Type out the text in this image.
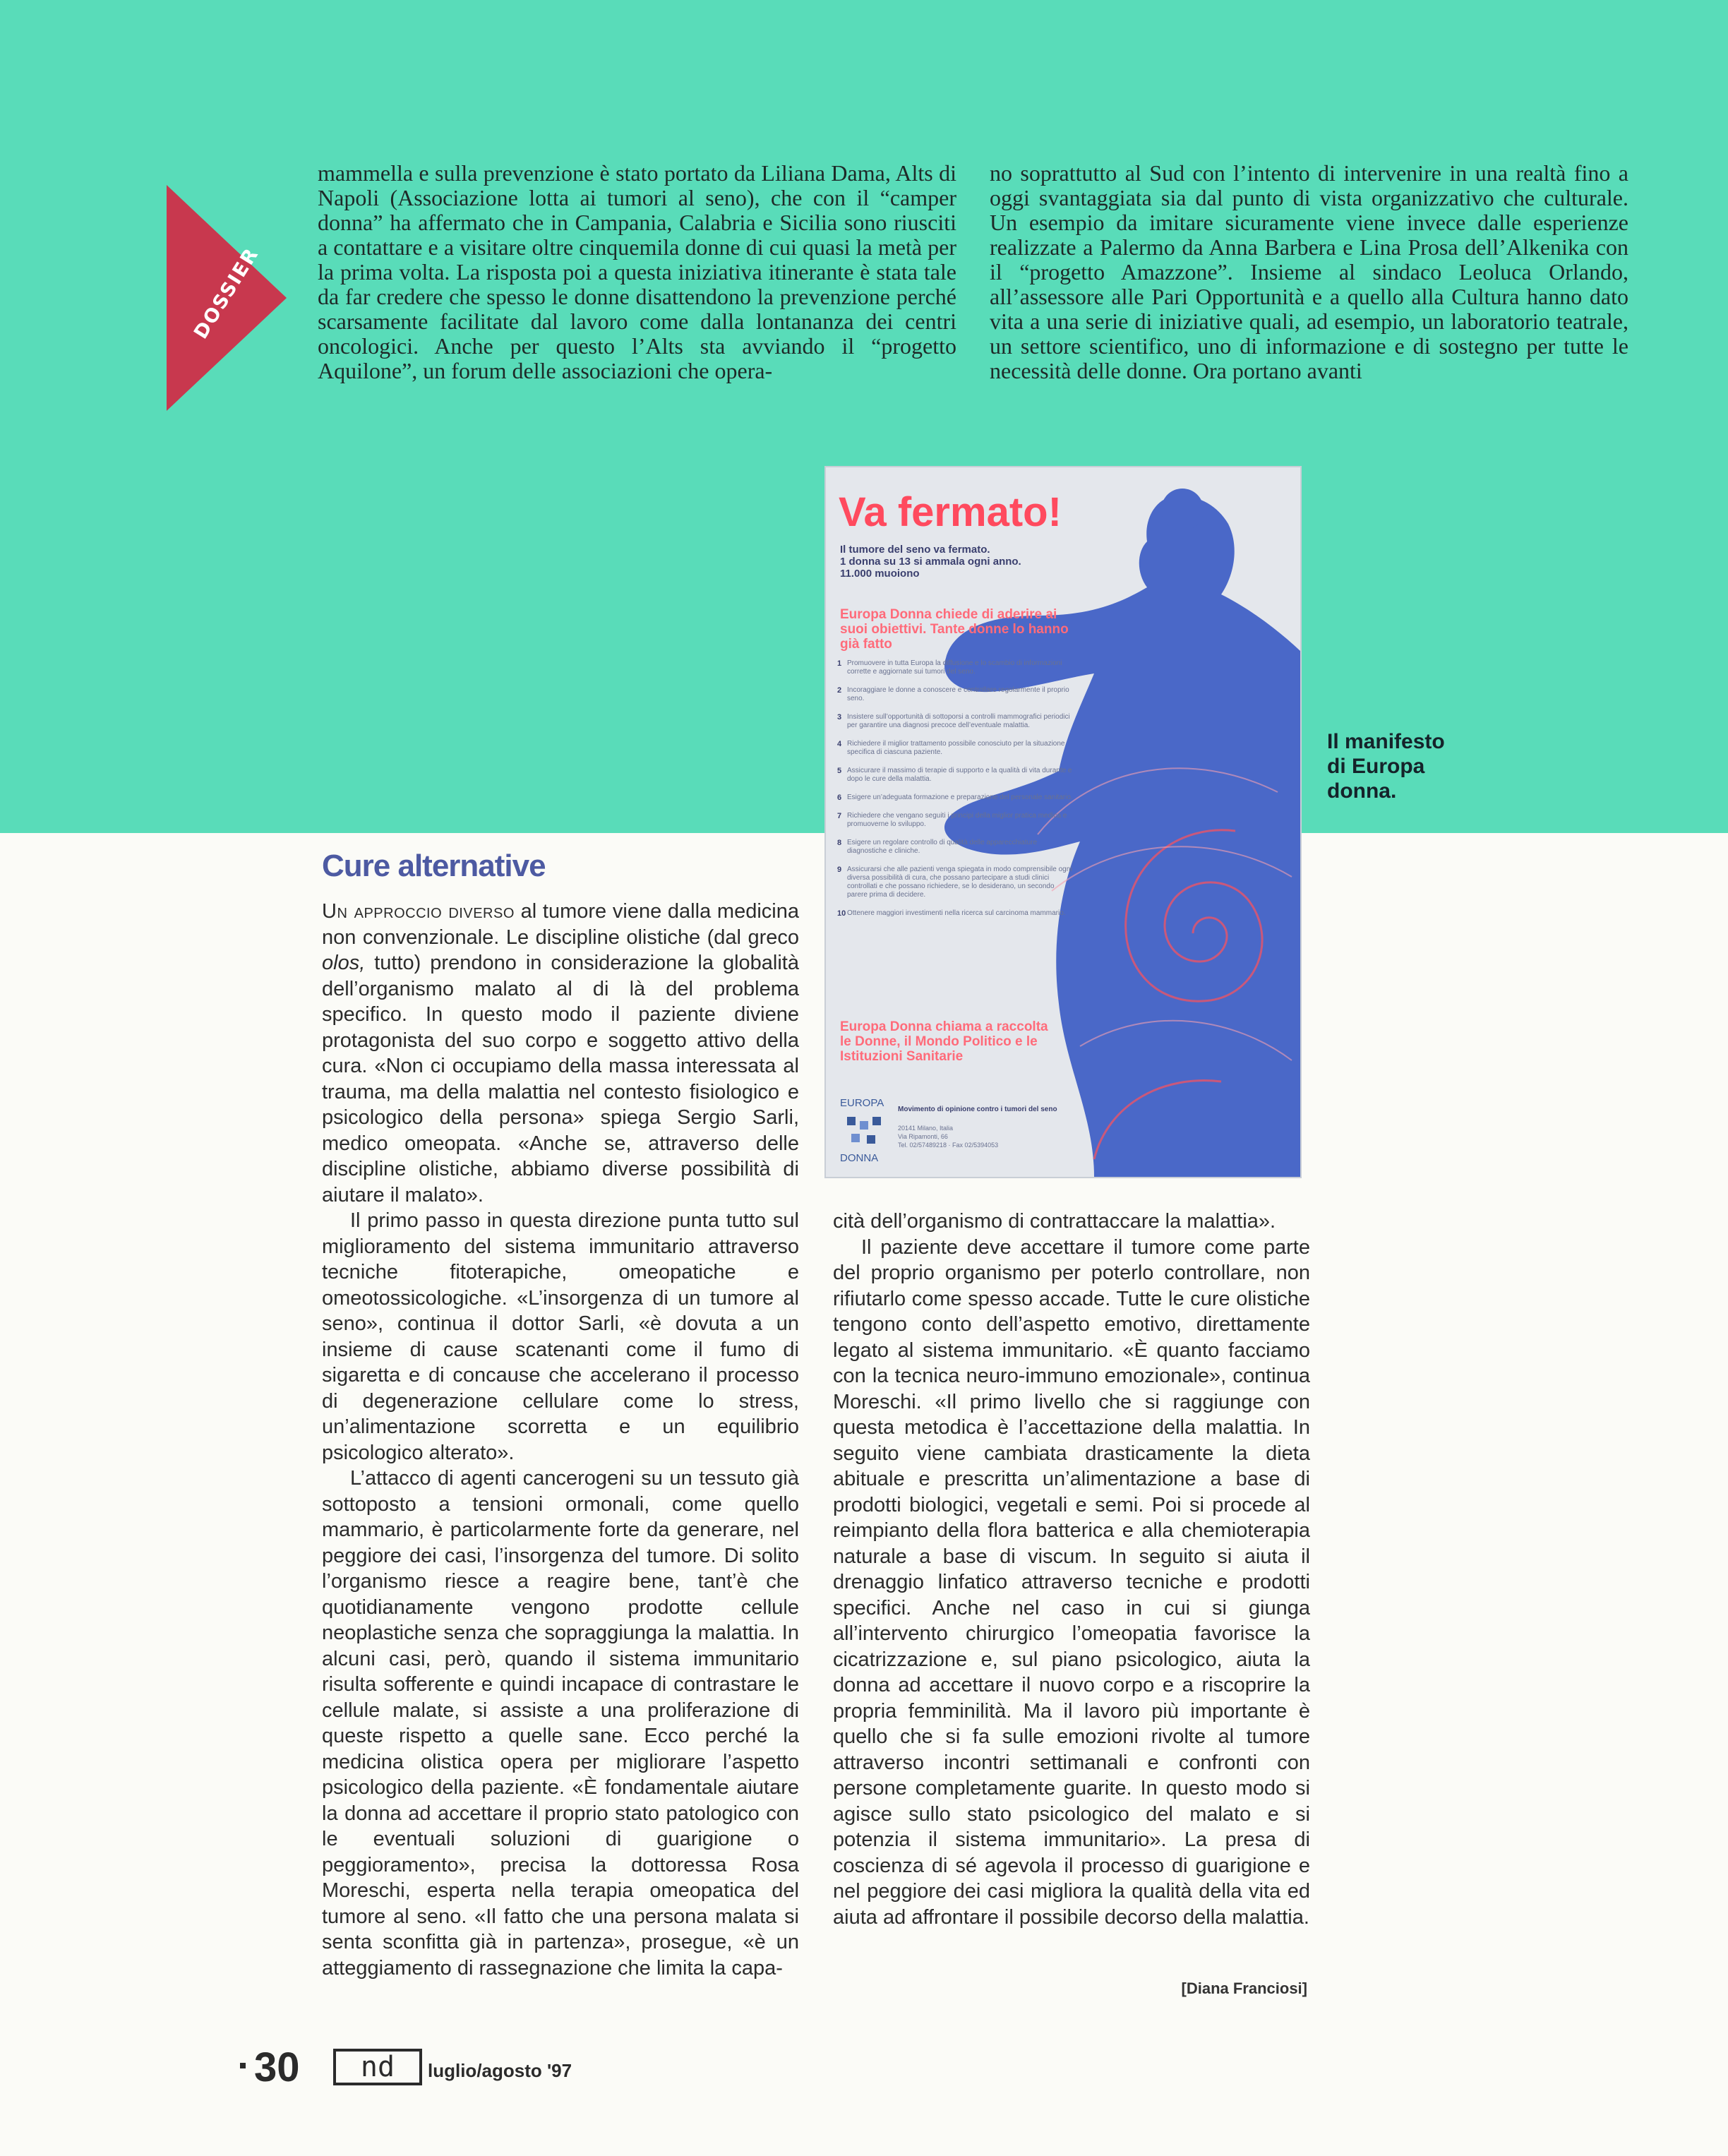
DOSSIER

mammella e sulla prevenzione è stato portato da Liliana Dama, Alts di Napoli (Associazione lotta ai tumori al seno), che con il “camper donna” ha affermato che in Campania, Calabria e Sicilia sono riusciti a contattare e a visitare oltre cinquemila donne di cui quasi la metà per la prima volta. La risposta poi a questa iniziativa itinerante è stata tale da far credere che spesso le donne disattendono la prevenzione perché scarsamente facilitate dal lavoro come dalla lontananza dei centri oncologici. Anche per questo l’Alts sta avviando il “progetto Aquilone”, un forum delle associazioni che opera-

no soprattutto al Sud con l’intento di intervenire in una realtà fino a oggi svantaggiata sia dal punto di vista organizzativo che culturale. Un esempio da imitare sicuramente viene invece dalle esperienze realizzate a Palermo da Anna Barbera e Lina Prosa dell’Alkenika con il “progetto Amazzone”. Insieme al sindaco Leoluca Orlando, all’assessore alle Pari Opportunità e a quello alla Cultura hanno dato vita a una serie di iniziative quali, ad esempio, un laboratorio teatrale, un settore scientifico, uno di informazione e di sostegno per tutte le necessità delle donne. Ora portano avanti

Va fermato!
Il tumore del seno va fermato.
1 donna su 13 si ammala ogni anno.
11.000 muoiono
Europa Donna chiede di aderire ai suoi obiettivi. Tante donne lo hanno già fatto
1 Promuovere in tutta Europa la diffusione e lo scambio di informazioni corrette e aggiornate sui tumori del seno.
2 Incoraggiare le donne a conoscere e controllare regolarmente il proprio seno.
3 Insistere sull’opportunità di sottoporsi a controlli mammografici periodici per garantire una diagnosi precoce dell’eventuale malattia.
4 Richiedere il miglior trattamento possibile conosciuto per la situazione specifica di ciascuna paziente.
5 Assicurare il massimo di terapie di supporto e la qualità di vita durante e dopo le cure della malattia.
6 Esigere un’adeguata formazione e preparazione del personale sanitario.
7 Richiedere che vengano seguiti i principi della miglior pratica medica e promuoverne lo sviluppo.
8 Esigere un regolare controllo di qualità delle apparecchiature diagnostiche e cliniche.
9 Assicurarsi che alle pazienti venga spiegata in modo comprensibile ogni diversa possibilità di cura, che possano partecipare a studi clinici controllati e che possano richiedere, se lo desiderano, un secondo parere prima di decidere.
10 Ottenere maggiori investimenti nella ricerca sul carcinoma mammario.
Europa Donna chiama a raccolta le Donne, il Mondo Politico e le Istituzioni Sanitarie
EUROPA
DONNA
Movimento di opinione contro i tumori del seno
20141 Milano, Italia
Via Ripamonti, 66
Tel. 02/57489218 · Fax 02/5394053
Il manifesto di Europa donna.
Cure alternative

Un approccio diverso al tumore viene dalla medicina non convenzionale. Le discipline olistiche (dal greco olos, tutto) prendono in considerazione la globalità dell’organismo malato al di là del problema specifico. In questo modo il paziente diviene protagonista del suo corpo e soggetto attivo della cura. «Non ci occupiamo della massa interessata al trauma, ma della malattia nel contesto fisiologico e psicologico della persona» spiega Sergio Sarli, medico omeopata. «Anche se, attraverso delle discipline olistiche, abbiamo diverse possibilità di aiutare il malato».

Il primo passo in questa direzione punta tutto sul miglioramento del sistema immunitario attraverso tecniche fitoterapiche, omeopatiche e omeotossicologiche. «L’insorgenza di un tumore al seno», continua il dottor Sarli, «è dovuta a un insieme di cause scatenanti come il fumo di sigaretta e di concause che accelerano il processo di degenerazione cellulare come lo stress, un’alimentazione scorretta e un equilibrio psicologico alterato».

L’attacco di agenti cancerogeni su un tessuto già sottoposto a tensioni ormonali, come quello mammario, è particolarmente forte da generare, nel peggiore dei casi, l’insorgenza del tumore. Di solito l’organismo riesce a reagire bene, tant’è che quotidianamente vengono prodotte cellule neoplastiche senza che sopraggiunga la malattia. In alcuni casi, però, quando il sistema immunitario risulta sofferente e quindi incapace di contrastare le cellule malate, si assiste a una proliferazione di queste rispetto a quelle sane. Ecco perché la medicina olistica opera per migliorare l’aspetto psicologico della paziente. «È fondamentale aiutare la donna ad accettare il proprio stato patologico con le eventuali soluzioni di guarigione o peggioramento», precisa la dottoressa Rosa Moreschi, esperta nella terapia omeopatica del tumore al seno. «Il fatto che una persona malata si senta sconfitta già in partenza», prosegue, «è un atteggiamento di rassegnazione che limita la capa-

cità dell’organismo di contrattaccare la malattia».

Il paziente deve accettare il tumore come parte del proprio organismo per poterlo controllare, non rifiutarlo come spesso accade. Tutte le cure olistiche tengono conto dell’aspetto emotivo, direttamente legato al sistema immunitario. «È quanto facciamo con la tecnica neuro-immuno emozionale», continua Moreschi. «Il primo livello che si raggiunge con questa metodica è l’accettazione della malattia. In seguito viene cambiata drasticamente la dieta abituale e prescritta un’alimentazione a base di prodotti biologici, vegetali e semi. Poi si procede al reimpianto della flora batterica e alla chemioterapia naturale a base di viscum. In seguito si aiuta il drenaggio linfatico attraverso tecniche e prodotti specifici. Anche nel caso in cui si giunga all’intervento chirurgico l’omeopatia favorisce la cicatrizzazione e, sul piano psicologico, aiuta la donna ad accettare il nuovo corpo e a riscoprire la propria femminilità. Ma il lavoro più importante è quello che si fa sulle emozioni rivolte al tumore attraverso incontri settimanali e confronti con persone completamente guarite. In questo modo si agisce sullo stato psicologico del malato e si potenzia il sistema immunitario». La presa di coscienza di sé agevola il processo di guarigione e nel peggiore dei casi migliora la qualità della vita ed aiuta ad affrontare il possibile decorso della malattia.

[Diana Franciosi]
30	nd	luglio/agosto '97
